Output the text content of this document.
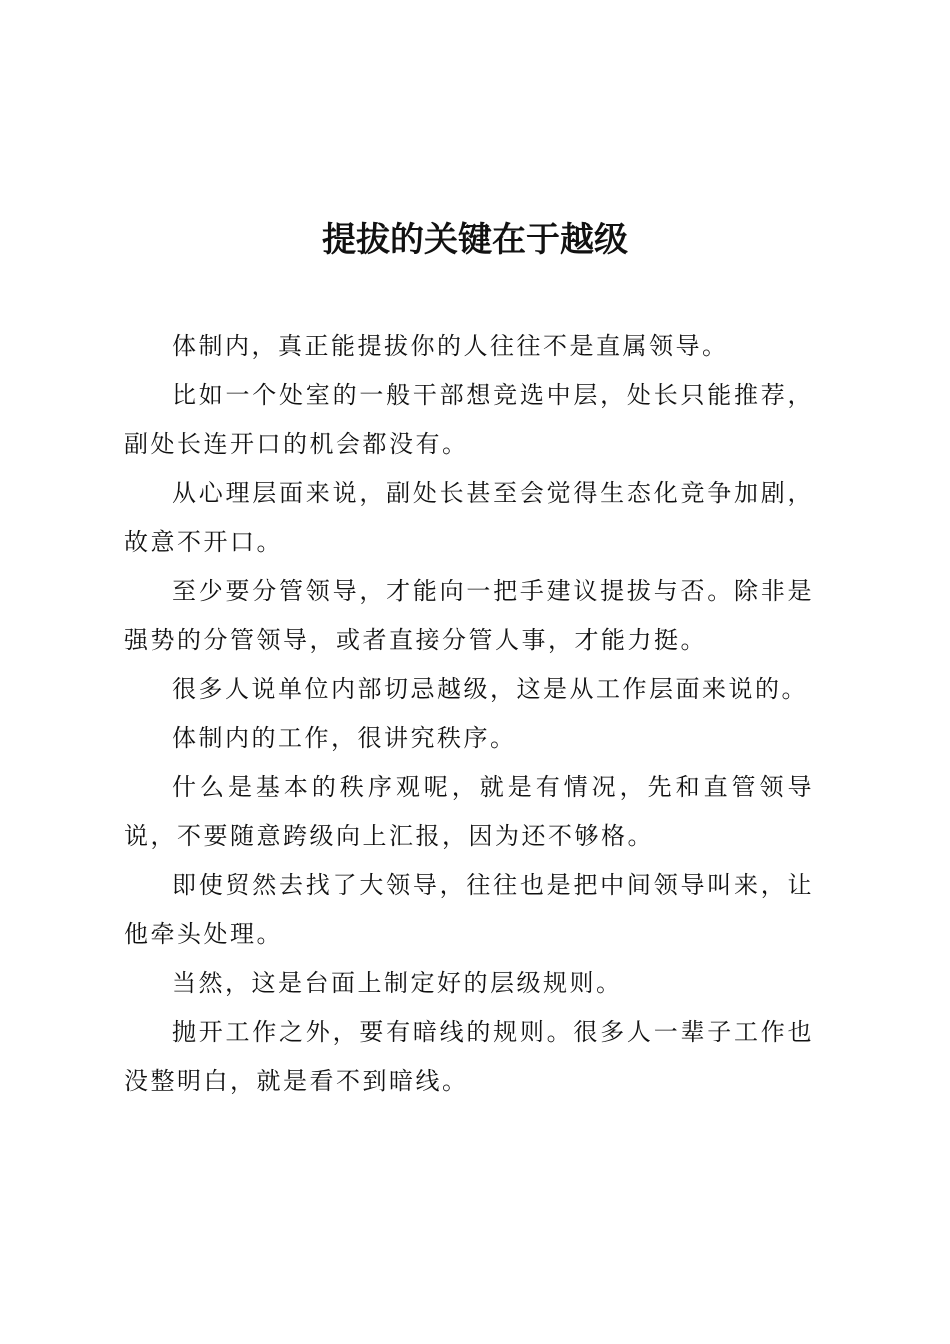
提拔的关键在于越级

体制内，真正能提拔你的人往往不是直属领导。

比如一个处室的一般干部想竞选中层，处长只能推荐，副处长连开口的机会都没有。

从心理层面来说，副处长甚至会觉得生态化竞争加剧，故意不开口。

至少要分管领导，才能向一把手建议提拔与否。除非是强势的分管领导，或者直接分管人事，才能力挺。

很多人说单位内部切忌越级，这是从工作层面来说的。

体制内的工作，很讲究秩序。

什么是基本的秩序观呢，就是有情况，先和直管领导说，不要随意跨级向上汇报，因为还不够格。

即使贸然去找了大领导，往往也是把中间领导叫来，让他牵头处理。

当然，这是台面上制定好的层级规则。

抛开工作之外，要有暗线的规则。很多人一辈子工作也没整明白，就是看不到暗线。
